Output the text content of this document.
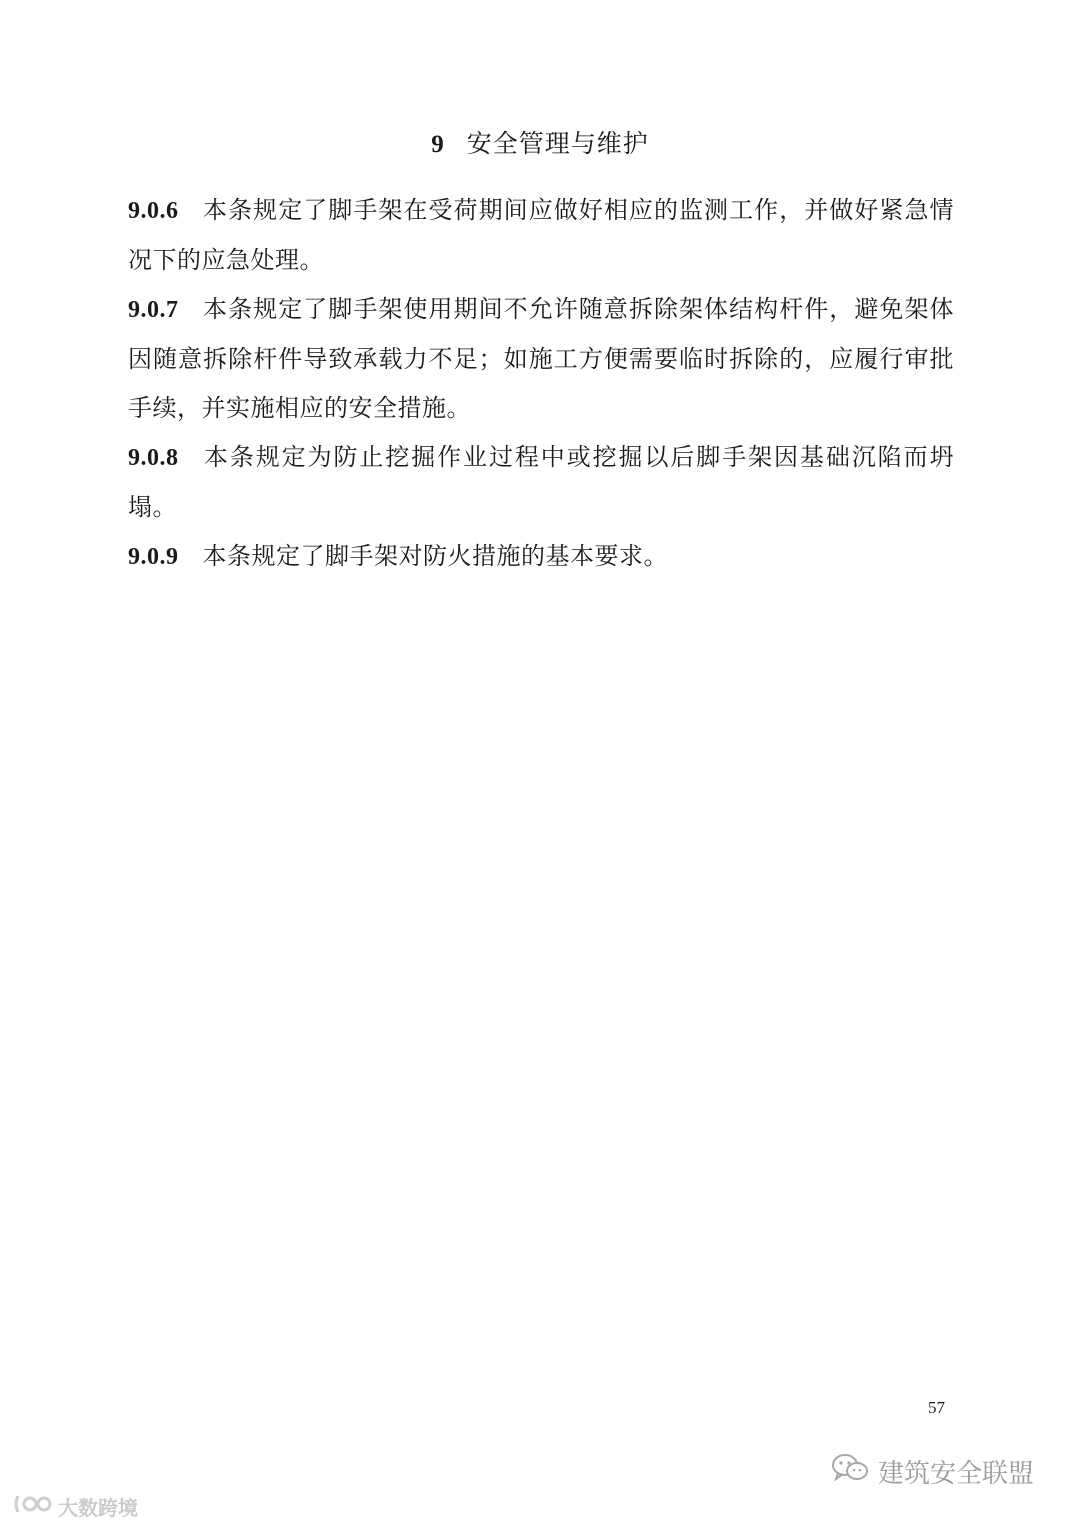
9 安全管理与维护

9.0.6 本条规定了脚手架在受荷期间应做好相应的监测工作，并做好紧急情况下的应急处理。

9.0.7 本条规定了脚手架使用期间不允许随意拆除架体结构杆件，避免架体因随意拆除杆件导致承载力不足；如施工方便需要临时拆除的，应履行审批手续，并实施相应的安全措施。

9.0.8 本条规定为防止挖掘作业过程中或挖掘以后脚手架因基础沉陷而坍塌。

9.0.9 本条规定了脚手架对防火措施的基本要求。

57
大数跨境
建筑安全联盟
